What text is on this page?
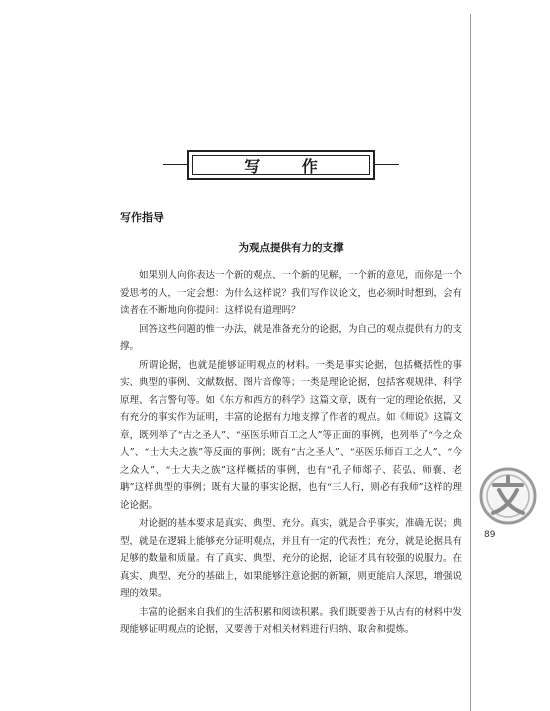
写 作
写作指导
为观点提供有力的支撑

如果别人向你表达一个新的观点、一个新的见解，一个新的意见，而你是一个爱思考的人，一定会想：为什么这样说？我们写作议论文，也必须时时想到，会有读者在不断地向你提问：这样说有道理吗？

回答这些问题的惟一办法，就是准备充分的论据，为自己的观点提供有力的支撑。

所谓论据，也就是能够证明观点的材料。一类是事实论据，包括概括性的事实、典型的事例、文献数据、图片音像等；一类是理论论据，包括客观规律、科学原理、名言警句等。如《东方和西方的科学》这篇文章，既有一定的理论依据，又有充分的事实作为证明，丰富的论据有力地支撑了作者的观点。如《师说》这篇文章，既列举了“古之圣人”、“巫医乐师百工之人”等正面的事例，也列举了“今之众人”、“士大夫之族”等反面的事例；既有“古之圣人”、“巫医乐师百工之人”、“今之众人”、“士大夫之族”这样概括的事例，也有“孔子师郯子、苌弘、师襄、老聃”这样典型的事例；既有大量的事实论据，也有“三人行，则必有我师”这样的理论论据。

对论据的基本要求是真实、典型、充分。真实，就是合乎事实，准确无误；典型，就是在逻辑上能够充分证明观点，并且有一定的代表性；充分，就是论据具有足够的数量和质量。有了真实、典型、充分的论据，论证才具有较强的说服力。在真实、典型、充分的基础上，如果能够注意论据的新颖，则更能启人深思，增强说理的效果。

丰富的论据来自我们的生活积累和阅读积累。我们既要善于从古有的材料中发现能够证明观点的论据，又要善于对相关材料进行归纳、取舍和提炼。

89
